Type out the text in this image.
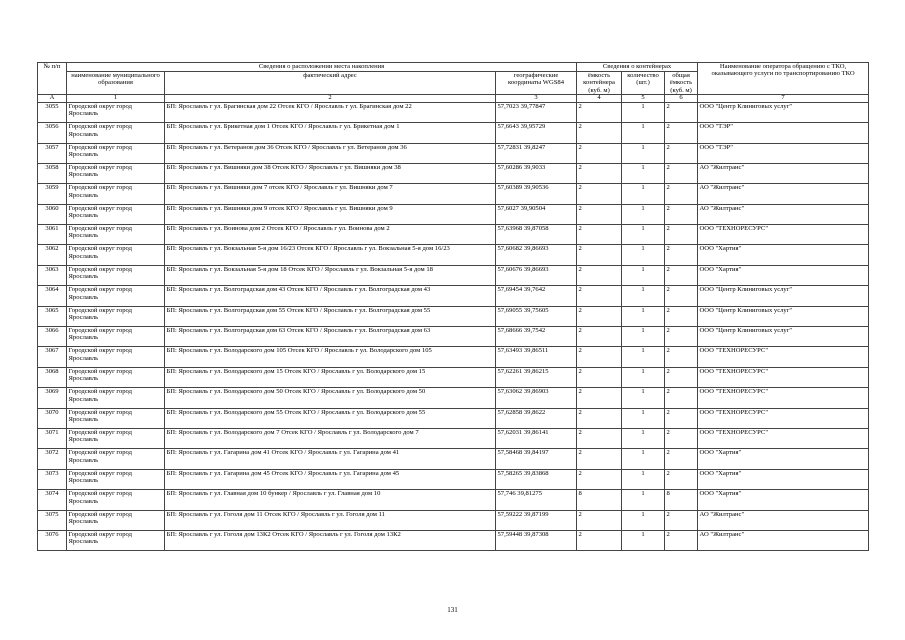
№ п/п	Сведения о расположении места накопления			Сведения о контейнерах			Наименование оператора обращению с ТКО, оказывающего услуги по транспортированию ТКО
	наименование муниципального образования	фактический адрес	географические координаты WGS84	ёмкость контейнера (куб. м)	количество (шт.)	общая ёмкость (куб. м)	
А	1	2	3	4	5	6	7
3055	Городской округ город Ярославль	БП: Ярославль г ул. Брагинская дом 22 Отсек КГО / Ярославль г ул. Брагинская дом 22	57,7023 39,77847	2	1	2	ООО "Центр Клиниговых услуг"
3056	Городской округ город Ярославль	БП: Ярославль г ул. Брикетная дом 1 Отсек КГО / Ярославль г ул. Брикетная дом 1	57,6643 39,95729	2	1	2	ООО "ТЭР"
3057	Городской округ город Ярославль	БП: Ярославль г ул. Ветеранов дом 36 Отсек КГО / Ярославль г ул. Ветеранов дом 36	57,72831 39,8247	2	1	2	ООО "ТЭР"
3058	Городской округ город Ярославль	БП: Ярославль г ул. Вишняки дом 38 Отсек КГО / Ярославль г ул. Вишняки дом 38	57,60286 39,9033	2	1	2	АО "Жилтранс"
3059	Городской округ город Ярославль	БП: Ярославль г ул. Вишняки дом 7 отсек КГО / Ярославль г ул. Вишняки дом 7	57,60389 39,90536	2	1	2	АО "Жилтранс"
3060	Городской округ город Ярославль	БП: Ярославль г ул. Вишняки дом 9 отсек КГО / Ярославль г ул. Вишняки дом 9	57,6027 39,90504	2	1	2	АО "Жилтранс"
3061	Городской округ город Ярославль	БП: Ярославль г ул. Воинова дом 2 Отсек КГО / Ярославль г ул. Воинова дом 2	57,63968 39,87058	2	1	2	ООО "ТЕХНОРЕСУРС"
3062	Городской округ город Ярославль	БП: Ярославль г ул. Вокзальная 5-я дом 16/23 Отсек КГО / Ярославль г ул. Вокзальная 5-я дом 16/23	57,60682 39,86693	2	1	2	ООО "Хартия"
3063	Городской округ город Ярославль	БП: Ярославль г ул. Вокзальная 5-я дом 18 Отсек КГО / Ярославль г ул. Вокзальная 5-я дом 18	57,60676 39,86693	2	1	2	ООО "Хартия"
3064	Городской округ город Ярославль	БП: Ярославль г ул. Волгоградская дом 43 Отсек КГО / Ярославль г ул. Волгоградская дом 43	57,69454 39,7642	2	1	2	ООО "Центр Клиниговых услуг"
3065	Городской округ город Ярославль	БП: Ярославль г ул. Волгоградская дом 55 Отсек КГО / Ярославль г ул. Волгоградская дом 55	57,69055 39,75605	2	1	2	ООО "Центр Клиниговых услуг"
3066	Городской округ город Ярославль	БП: Ярославль г ул. Волгоградская дом 63 Отсек КГО / Ярославль г ул. Волгоградская дом 63	57,68666 39,7542	2	1	2	ООО "Центр Клиниговых услуг"
3067	Городской округ город Ярославль	БП: Ярославль г ул. Володарского дом 105 Отсек КГО / Ярославль г ул. Володарского дом 105	57,63493 39,86511	2	1	2	ООО "ТЕХНОРЕСУРС"
3068	Городской округ город Ярославль	БП: Ярославль г ул. Володарского дом 15 Отсек КГО / Ярославль г ул. Володарского дом 15	57,62261 39,86215	2	1	2	ООО "ТЕХНОРЕСУРС"
3069	Городской округ город Ярославль	БП: Ярославль г ул. Володарского дом 50 Отсек КГО / Ярославль г ул. Володарского дом 50	57,63062 39,86903	2	1	2	ООО "ТЕХНОРЕСУРС"
3070	Городской округ город Ярославль	БП: Ярославль г ул. Володарского дом 55 Отсек КГО / Ярославль г ул. Володарского дом 55	57,62858 39,8622	2	1	2	ООО "ТЕХНОРЕСУРС"
3071	Городской округ город Ярославль	БП: Ярославль г ул. Володарского дом 7 Отсек КГО / Ярославль г ул. Володарского дом 7	57,62031 39,86141	2	1	2	ООО "ТЕХНОРЕСУРС"
3072	Городской округ город Ярославль	БП: Ярославль г ул. Гагарина дом 41 Отсек КГО / Ярославль г ул. Гагарина дом 41	57,58468 39,84197	2	1	2	ООО "Хартия"
3073	Городской округ город Ярославль	БП: Ярославль г ул. Гагарина дом 45 Отсек КГО / Ярославль г ул. Гагарина дом 45	57,58265 39,83868	2	1	2	ООО "Хартия"
3074	Городской округ город Ярославль	БП: Ярославль г ул. Главная дом 10 бункер / Ярославль г ул. Главная дом 10	57,746 39,81275	8	1	8	ООО "Хартия"
3075	Городской округ город Ярославль	БП: Ярославль г ул. Гоголя дом 11 Отсек КГО / Ярославль г ул. Гоголя дом 11	57,59222 39,87199	2	1	2	АО "Жилтранс"
3076	Городской округ город Ярославль	БП: Ярославль г ул. Гоголя дом 13К2 Отсек КГО / Ярославль г ул. Гоголя дом 13К2	57,59448 39,87308	2	1	2	АО "Жилтранс"
131
